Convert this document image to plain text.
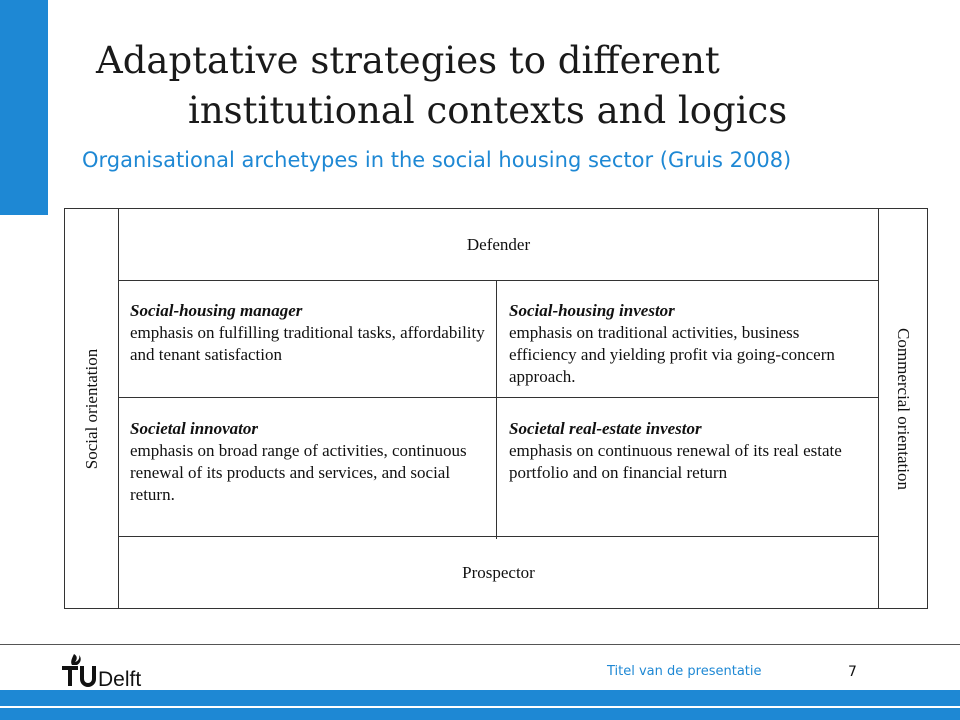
Adaptative strategies to different
institutional contexts and logics
Organisational archetypes in the social housing sector (Gruis 2008)
Social orientation
Defender
Social-housing manager
emphasis on fulfilling traditional tasks, affordability and tenant satisfaction
Social-housing investor
emphasis on traditional activities, business efficiency and yielding profit via going-concern approach.
Societal innovator
emphasis on broad range of activities, continuous renewal of its products and services, and social return.
Societal real-estate investor
emphasis on continuous renewal of its real estate portfolio and on financial return
Prospector
Commercial orientation
Delft	Titel van de presentatie	7
